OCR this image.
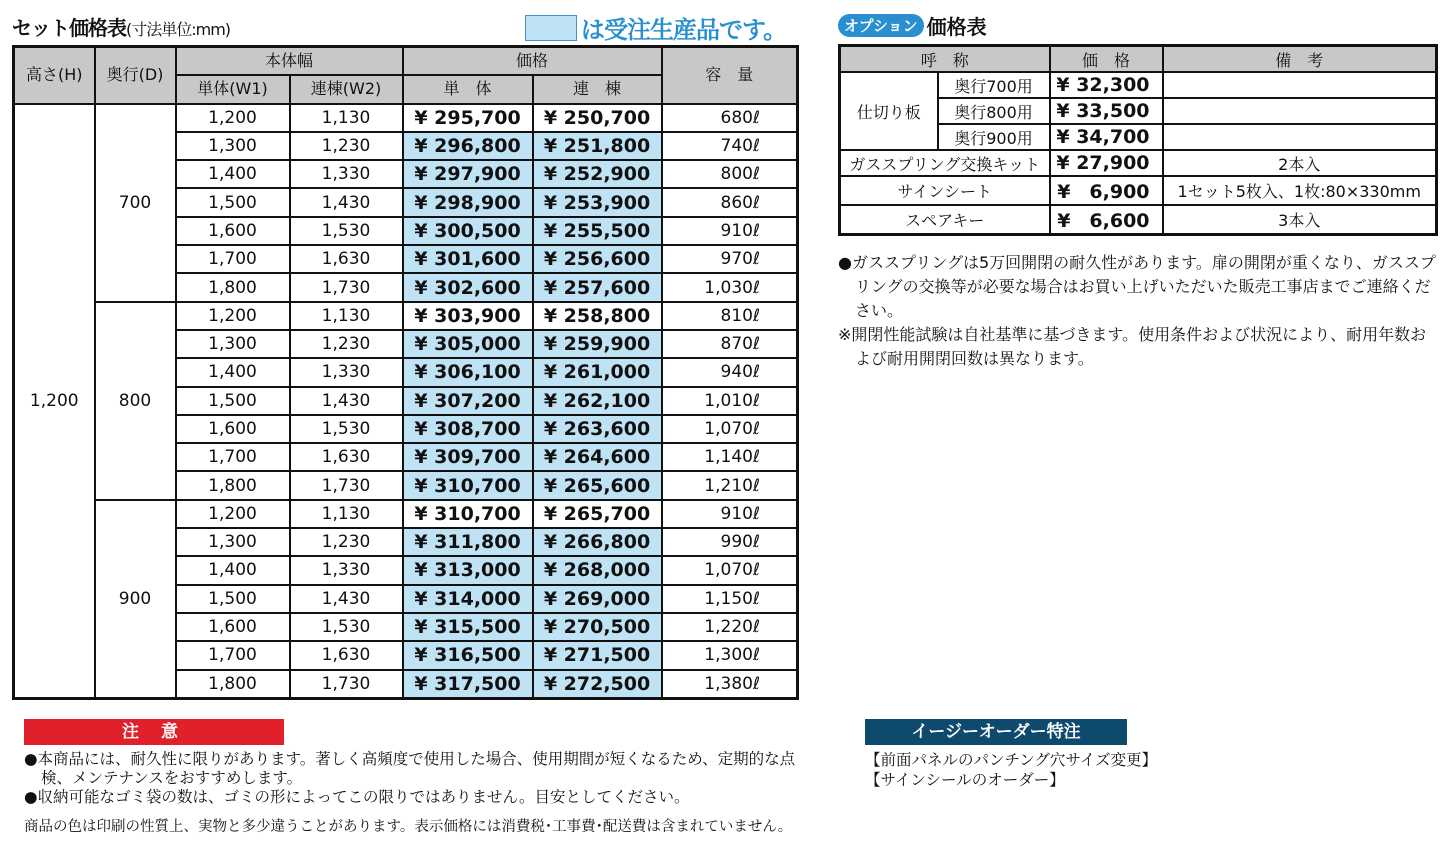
セット価格表(寸法単位:mm)	は受注生産品です。
高さ(H)	奥行(D)	本体幅		価格		容　量
		単体(W1)	連棟(W2)	単　体	連　棟	
1,200	700	1,200	1,130	¥ 295,700	¥ 250,700	680ℓ
		1,300	1,230	¥ 296,800	¥ 251,800	740ℓ
		1,400	1,330	¥ 297,900	¥ 252,900	800ℓ
		1,500	1,430	¥ 298,900	¥ 253,900	860ℓ
		1,600	1,530	¥ 300,500	¥ 255,500	910ℓ
		1,700	1,630	¥ 301,600	¥ 256,600	970ℓ
		1,800	1,730	¥ 302,600	¥ 257,600	1,030ℓ
	800	1,200	1,130	¥ 303,900	¥ 258,800	810ℓ
		1,300	1,230	¥ 305,000	¥ 259,900	870ℓ
		1,400	1,330	¥ 306,100	¥ 261,000	940ℓ
		1,500	1,430	¥ 307,200	¥ 262,100	1,010ℓ
		1,600	1,530	¥ 308,700	¥ 263,600	1,070ℓ
		1,700	1,630	¥ 309,700	¥ 264,600	1,140ℓ
		1,800	1,730	¥ 310,700	¥ 265,600	1,210ℓ
	900	1,200	1,130	¥ 310,700	¥ 265,700	910ℓ
		1,300	1,230	¥ 311,800	¥ 266,800	990ℓ
		1,400	1,330	¥ 313,000	¥ 268,000	1,070ℓ
		1,500	1,430	¥ 314,000	¥ 269,000	1,150ℓ
		1,600	1,530	¥ 315,500	¥ 270,500	1,220ℓ
		1,700	1,630	¥ 316,500	¥ 271,500	1,300ℓ
		1,800	1,730	¥ 317,500	¥ 272,500	1,380ℓ
オプション 価格表
呼　称		価　格	備　考
仕切り板	奥行700用	¥ 32,300	
	奥行800用	¥ 33,500	
	奥行900用	¥ 34,700	
ガススプリング交換キット		¥ 27,900	2本入
サインシート		¥　6,900	1セット5枚入、1枚:80×330mm
スペアキー		¥　6,600	3本入

●ガススプリングは5万回開閉の耐久性があります。扉の開閉が重くなり、ガススプリングの交換等が必要な場合はお買い上げいただいた販売工事店までご連絡ください。

※開閉性能試験は自社基準に基づきます。使用条件および状況により、耐用年数および耐用開閉回数は異なります。

注 意

●本商品には、耐久性に限りがあります。著しく高頻度で使用した場合、使用期間が短くなるため、定期的な点検、メンテナンスをおすすめします。

●収納可能なゴミ袋の数は、ゴミの形によってこの限りではありません。目安としてください。

商品の色は印刷の性質上、実物と多少違うことがあります。表示価格には消費税･工事費･配送費は含まれていません。
イージーオーダー特注
【前面パネルのパンチング穴サイズ変更】
【サインシールのオーダー】
